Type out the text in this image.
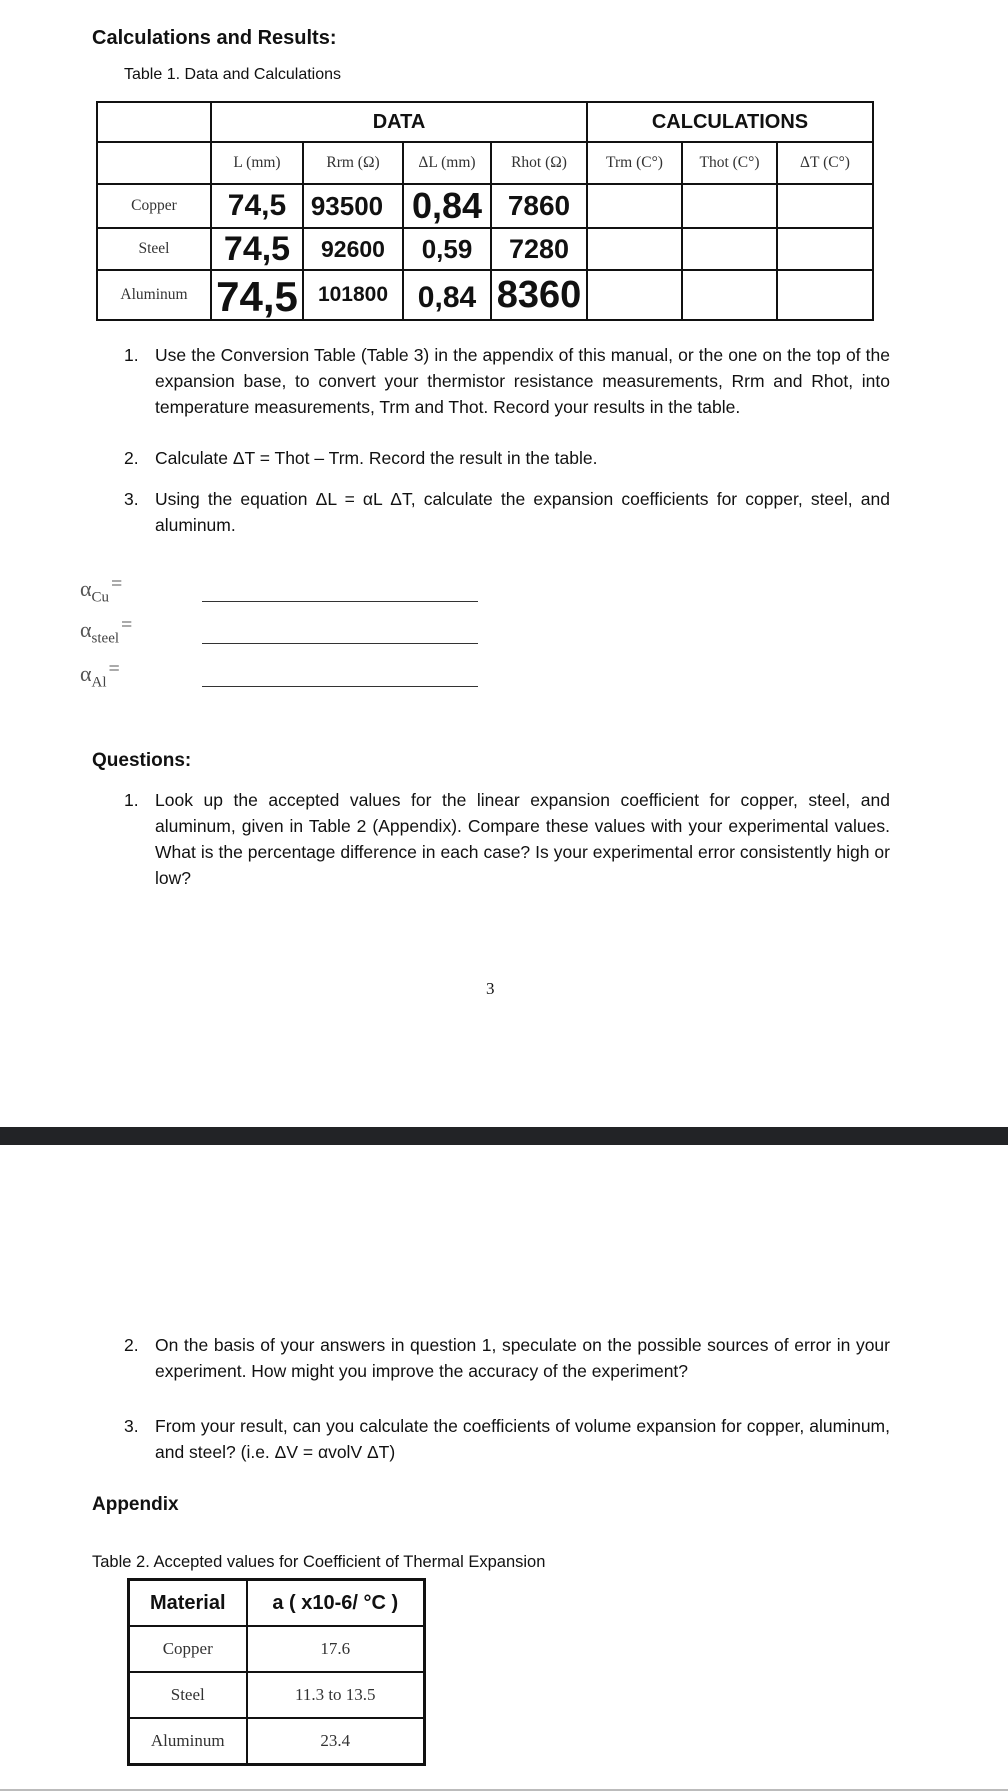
Calculations and Results:
Table 1. Data and Calculations
	DATA				CALCULATIONS		
	L (mm)	Rrm (Ω)	ΔL (mm)	Rhot (Ω)	Trm (C°)	Thot (C°)	ΔT (C°)
Copper	74,5	93500	0,84	7860			
Steel	74,5	92600	0,59	7280			
Aluminum	74,5	101800	0,84	8360			
1. Use the Conversion Table (Table 3) in the appendix of this manual, or the one on the top of the expansion base, to convert your thermistor resistance measurements, Rrm and Rhot, into temperature measurements, Trm and Thot. Record your results in the table.
2. Calculate ΔT = Thot – Trm. Record the result in the table.
3. Using the equation ΔL = αL ΔT, calculate the expansion coefficients for copper, steel, and aluminum.
$\alpha_{Cu}=$
$\alpha_{steel}=$
$\alpha_{Al}=$
Questions:
1. Look up the accepted values for the linear expansion coefficient for copper, steel, and aluminum, given in Table 2 (Appendix). Compare these values with your experimental values. What is the percentage difference in each case? Is your experimental error consistently high or low?
3
2. On the basis of your answers in question 1, speculate on the possible sources of error in your experiment. How might you improve the accuracy of the experiment?
3. From your result, can you calculate the coefficients of volume expansion for copper, aluminum, and steel? (i.e. ΔV = αvolV ΔT)
Appendix
Table 2. Accepted values for Coefficient of Thermal Expansion
Material	a ( x10-6/ °C )
Copper	17.6
Steel	11.3 to 13.5
Aluminum	23.4
